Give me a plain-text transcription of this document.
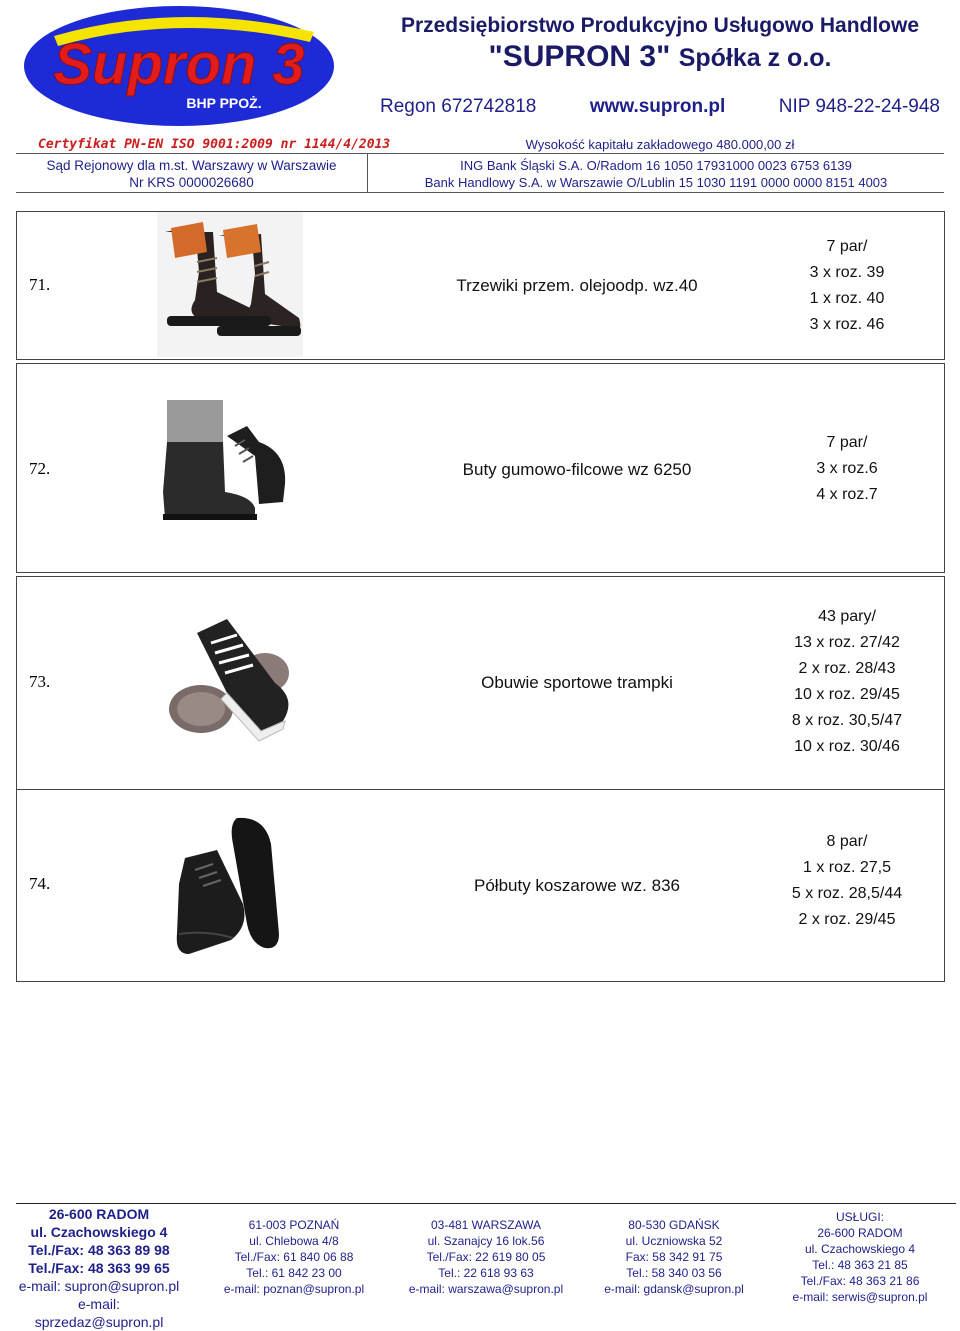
Supron 3
BHP PPOŻ.
Przedsiębiorstwo Produkcyjno Usługowo Handlowe
"SUPRON 3" Spółka z o.o.
Regon 672742818	www.supron.pl	NIP 948-22-24-948
Certyfikat PN-EN ISO 9001:2009 nr 1144/4/2013	Wysokość kapitału zakładowego 480.000,00 zł
Sąd Rejonowy dla m.st. Warszawy w Warszawie
Nr KRS 0000026680
ING Bank Śląski S.A. O/Radom 16 1050 17931000 0023 6753 6139
Bank Handlowy S.A. w Warszawie O/Lublin 15 1030 1191 0000 0000 8151 4003
71.	Trzewiki przem. olejoodp. wz.40
7 par/
3 x roz. 39
1 x roz. 40
3 x roz. 46
72.	Buty gumowo-filcowe wz 6250
7 par/
3 x roz.6
4 x roz.7
73.	Obuwie sportowe trampki
43 pary/
13 x roz. 27/42
2 x roz. 28/43
10 x roz. 29/45
8 x roz. 30,5/47
10 x roz. 30/46
74.	Półbuty koszarowe wz. 836
8 par/
1 x roz. 27,5
5 x roz. 28,5/44
2 x roz. 29/45
26-600 RADOM
ul. Czachowskiego 4
Tel./Fax: 48 363 89 98
Tel./Fax: 48 363 99 65
e-mail: supron@supron.pl
e-mail: sprzedaz@supron.pl
61-003 POZNAŃ
ul. Chlebowa 4/8
Tel./Fax: 61 840 06 88
Tel.: 61 842 23 00
e-mail: poznan@supron.pl
03-481 WARSZAWA
ul. Szanajcy 16 lok.56
Tel./Fax: 22 619 80 05
Tel.: 22 618 93 63
e-mail: warszawa@supron.pl
80-530 GDAŃSK
ul. Uczniowska 52
Fax: 58 342 91 75
Tel.: 58 340 03 56
e-mail: gdansk@supron.pl
USŁUGI:
26-600 RADOM
ul. Czachowskiego 4
Tel.: 48 363 21 85
Tel./Fax: 48 363 21 86
e-mail: serwis@supron.pl
